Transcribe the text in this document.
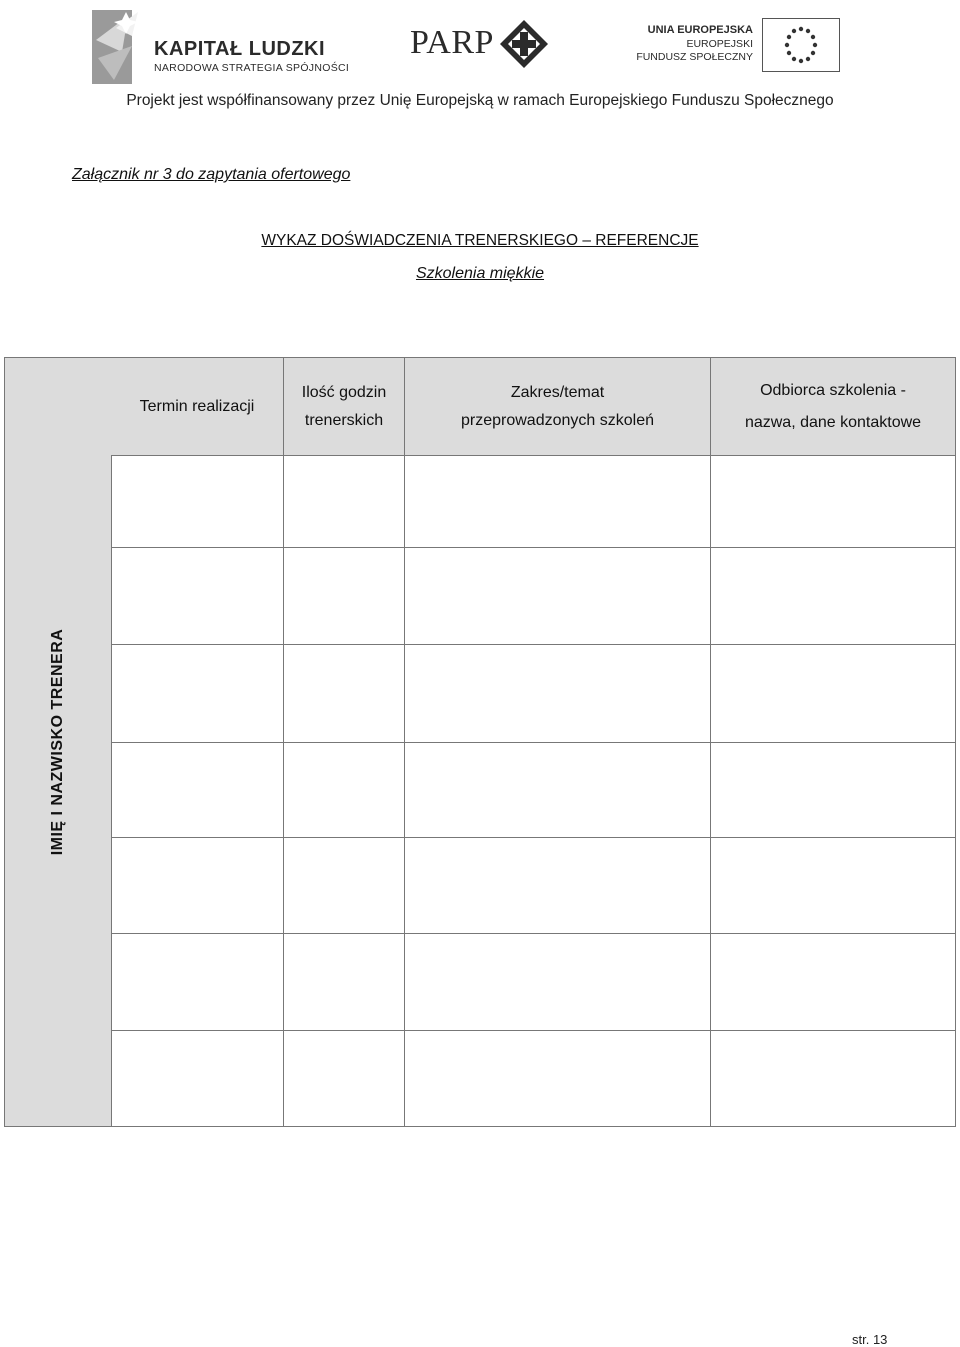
KAPITAŁ LUDZKI
NARODOWA STRATEGIA SPÓJNOŚCI
PARP	UNIA EUROPEJSKA
EUROPEJSKI
FUNDUSZ SPOŁECZNY
Projekt jest współfinansowany przez Unię Europejską w ramach Europejskiego Funduszu Społecznego
Załącznik nr 3 do zapytania ofertowego
WYKAZ DOŚWIADCZENIA TRENERSKIEGO – REFERENCJE
Szkolenia miękkie
IMIĘ I NAZWISKO TRENERA
Termin realizacji
Ilość godzin
trenerskich
Zakres/temat
przeprowadzonych szkoleń
Odbiorca szkolenia -
nazwa, dane kontaktowe
str. 13
